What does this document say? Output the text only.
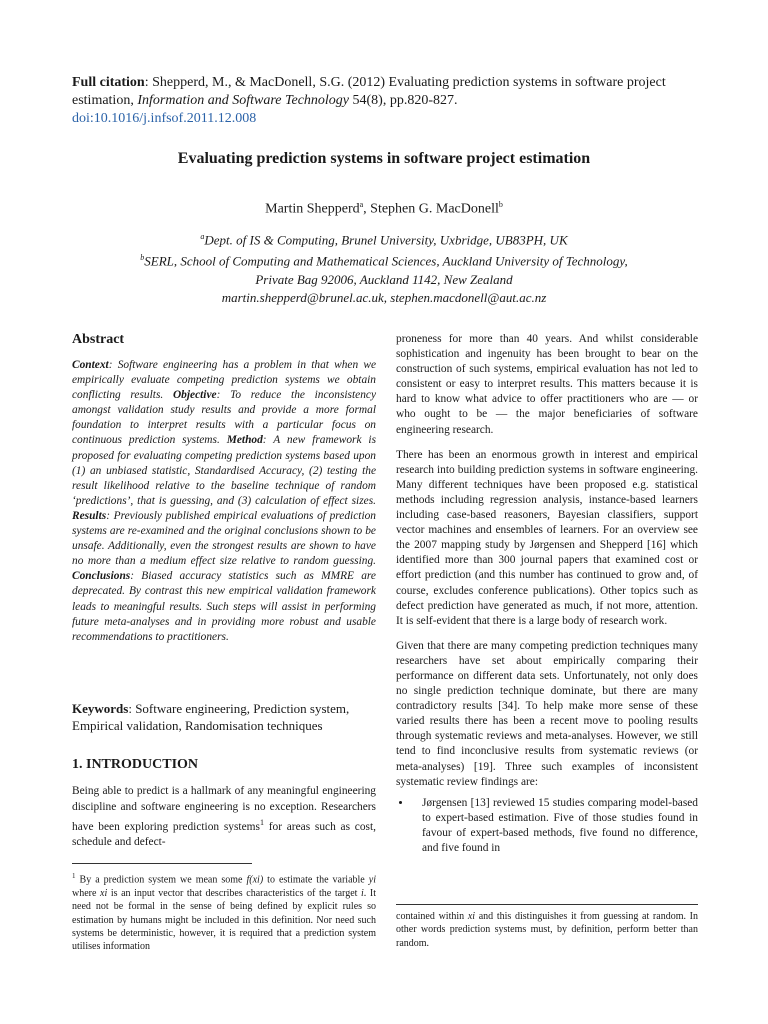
Full citation: Shepperd, M., & MacDonell, S.G. (2012) Evaluating prediction systems in software project estimation, Information and Software Technology 54(8), pp.820-827.
doi:10.1016/j.infsof.2011.12.008
Evaluating prediction systems in software project estimation
Martin Shepperd$^a$, Stephen G. MacDonell$^b$
$^a$Dept. of IS & Computing, Brunel University, Uxbridge, UB83PH, UK
$^b$SERL, School of Computing and Mathematical Sciences, Auckland University of Technology,
Private Bag 92006, Auckland 1142, New Zealand
martin.shepperd@brunel.ac.uk, stephen.macdonell@aut.ac.nz
Abstract

Context: Software engineering has a problem in that when we empirically evaluate competing prediction systems we obtain conflicting results. Objective: To reduce the inconsistency amongst validation study results and provide a more formal foundation to interpret results with a particular focus on continuous prediction systems. Method: A new framework is proposed for evaluating competing prediction systems based upon (1) an unbiased statistic, Standardised Accuracy, (2) testing the result likelihood relative to the baseline technique of random ‘predictions’, that is guessing, and (3) calculation of effect sizes. Results: Previously published empirical evaluations of prediction systems are re-examined and the original conclusions shown to be unsafe. Additionally, even the strongest results are shown to have no more than a medium effect size relative to random guessing. Conclusions: Biased accuracy statistics such as MMRE are deprecated. By contrast this new empirical validation framework leads to meaningful results. Such steps will assist in performing future meta-analyses and in providing more robust and usable recommendations to practitioners.

Keywords: Software engineering, Prediction system, Empirical validation, Randomisation techniques
1. INTRODUCTION

Being able to predict is a hallmark of any meaningful engineering discipline and software engineering is no exception. Researchers have been exploring prediction systems$^1$ for areas such as cost, schedule and defect-

$^1$ By a prediction system we mean some f(xi) to estimate the variable yi where xi is an input vector that describes characteristics of the target i. It need not be formal in the sense of being defined by explicit rules so estimation by humans might be included in this definition. Nor need such systems be deterministic, however, it is required that a prediction system utilises information

proneness for more than 40 years. And whilst considerable sophistication and ingenuity has been brought to bear on the construction of such systems, empirical evaluation has not led to consistent or easy to interpret results. This matters because it is hard to know what advice to offer practitioners who are — or who ought to be — the major beneficiaries of software engineering research.

There has been an enormous growth in interest and empirical research into building prediction systems in software engineering. Many different techniques have been proposed e.g. statistical methods including regression analysis, instance-based learners including case-based reasoners, Bayesian classifiers, support vector machines and ensembles of learners. For an overview see the 2007 mapping study by Jørgensen and Shepperd [16] which identified more than 300 journal papers that examined cost or effort prediction (and this number has continued to grow and, of course, excludes conference publications). Other topics such as defect prediction have generated as much, if not more, attention. It is self-evident that there is a large body of research work.

Given that there are many competing prediction techniques many researchers have set about empirically comparing their performance on different data sets. Unfortunately, not only does no single prediction technique dominate, but there are many contradictory results [34]. To help make more sense of these varied results there has been a recent move to pooling results through systematic reviews and meta-analyses. However, we still tend to find inconclusive results from systematic reviews (or meta-analyses) [19]. Three such examples of inconsistent systematic review findings are:

• Jørgensen [13] reviewed 15 studies comparing model-based to expert-based estimation. Five of those studies found in favour of expert-based methods, five found no difference, and five found in
contained within xi and this distinguishes it from guessing at random. In other words prediction systems must, by definition, perform better than random.
